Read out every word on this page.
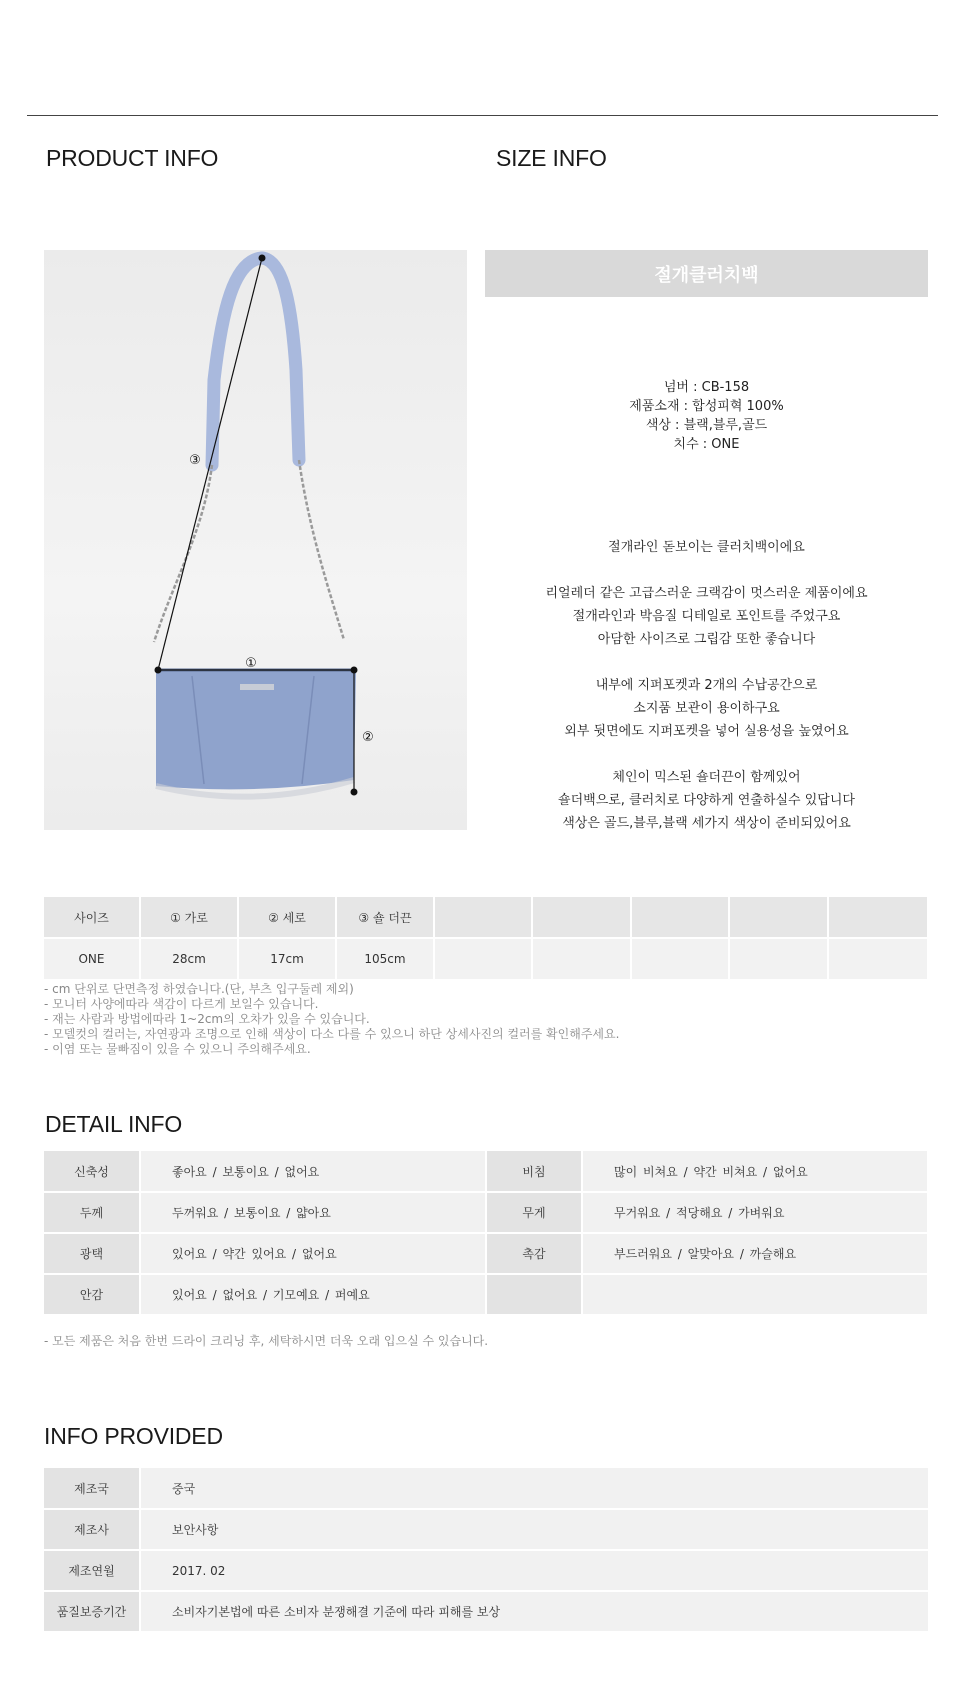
PRODUCT INFO	SIZE INFO
①
②
③
절개클러치백
넘버 : CB-158
제품소재 : 합성피혁 100%
색상 : 블랙,블루,골드
치수 : ONE
절개라인 돋보이는 클러치백이에요
리얼레더 같은 고급스러운 크랙감이 멋스러운 제품이에요
절개라인과 박음질 디테일로 포인트를 주었구요
아담한 사이즈로 그립감 또한 좋습니다
내부에 지퍼포켓과 2개의 수납공간으로
소지품 보관이 용이하구요
외부 뒷면에도 지퍼포켓을 넣어 실용성을 높였어요
체인이 믹스된 숄더끈이 함께있어
숄더백으로, 클러치로 다양하게 연출하실수 있답니다
색상은 골드,블루,블랙 세가지 색상이 준비되있어요
사이즈	① 가로	② 세로	③ 숄 더끈					
ONE	28cm	17cm	105cm					
- cm 단위로 단면측정 하였습니다.(단, 부츠 입구둘레 제외)
- 모니터 사양에따라 색감이 다르게 보일수 있습니다.
- 재는 사람과 방법에따라 1~2cm의 오차가 있을 수 있습니다.
- 모델컷의 컬러는, 자연광과 조명으로 인해 색상이 다소 다를 수 있으니 하단 상세사진의 컬러를 확인해주세요.
- 이염 또는 물빠짐이 있을 수 있으니 주의해주세요.
DETAIL INFO
신축성	좋아요 / 보통이요 / 없어요	비침	많이 비쳐요 / 약간 비쳐요 / 없어요
두께	두꺼워요 / 보통이요 / 얇아요	무게	무거워요 / 적당해요 / 가벼워요
광택	있어요 / 약간 있어요 / 없어요	촉감	부드러워요 / 알맞아요 / 까슬해요
안감	있어요 / 없어요 / 기모예요 / 퍼예요		
- 모든 제품은 처음 한번 드라이 크리닝 후, 세탁하시면 더욱 오래 입으실 수 있습니다.
INFO PROVIDED
제조국	중국
제조사	보안사항
제조연월	2017. 02
품질보증기간	소비자기본법에 따른 소비자 분쟁해결 기준에 따라 피해를 보상
